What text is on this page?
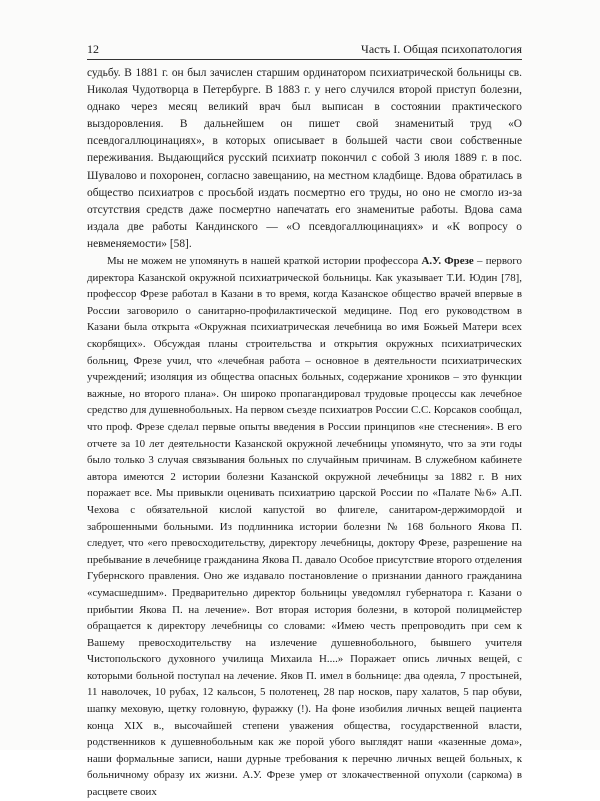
12	Часть I. Общая психопатология

судьбу. В 1881 г. он был зачислен старшим ординатором психиатрической больницы св. Николая Чудотворца в Петербурге. В 1883 г. у него случился второй приступ болезни, однако через месяц великий врач был выписан в состоянии практического выздоровления. В дальнейшем он пишет свой знаменитый труд «О псевдогаллюцинациях», в которых описывает в большей части свои собственные переживания. Выдающийся русский психиатр покончил с собой 3 июля 1889 г. в пос. Шувалово и похоронен, согласно завещанию, на местном кладбище. Вдова обратилась в общество психиатров с просьбой издать посмертно его труды, но оно не смогло из-за отсутствия средств даже посмертно напечатать его знаменитые работы. Вдова сама издала две работы Кандинского — «О псевдогаллюцинациях» и «К вопросу о невменяемости» [58].

Мы не можем не упомянуть в нашей краткой истории профессора А.У. Фрезе – первого директора Казанской окружной психиатрической больницы. Как указывает Т.И. Юдин [78], профессор Фрезе работал в Казани в то время, когда Казанское общество врачей впервые в России заговорило о санитарно-профилактической медицине. Под его руководством в Казани была открыта «Окружная психиатрическая лечебница во имя Божьей Матери всех скорбящих». Обсуждая планы строительства и открытия окружных психиатрических больниц, Фрезе учил, что «лечебная работа – основное в деятельности психиатрических учреждений; изоляция из общества опасных больных, содержание хроников – это функции важные, но второго плана». Он широко пропагандировал трудовые процессы как лечебное средство для душевнобольных. На первом съезде психиатров России С.С. Корсаков сообщал, что проф. Фрезе сделал первые опыты введения в России принципов «не стеснения». В его отчете за 10 лет деятельности Казанской окружной лечебницы упомянуто, что за эти годы было только 3 случая связывания больных по случайным причинам. В служебном кабинете автора имеются 2 истории болезни Казанской окружной лечебницы за 1882 г. В них поражает все. Мы привыкли оценивать психиатрию царской России по «Палате №6» А.П. Чехова с обязательной кислой капустой во флигеле, санитаром-держимордой и заброшенными больными. Из подлинника истории болезни № 168 больного Якова П. следует, что «его превосходительству, директору лечебницы, доктору Фрезе, разрешение на пребывание в лечебнице гражданина Якова П. давало Особое присутствие второго отделения Губернского правления. Оно же издавало постановление о признании данного гражданина «сумасшедшим». Предварительно директор больницы уведомлял губернатора г. Казани о прибытии Якова П. на лечение». Вот вторая история болезни, в которой полицмейстер обращается к директору лечебницы со словами: «Имею честь препроводить при сем к Вашему превосходительству на излечение душевнобольного, бывшего учителя Чистопольского духовного училища Михаила Н....» Поражает опись личных вещей, с которыми больной поступал на лечение. Яков П. имел в больнице: два одеяла, 7 простыней, 11 наволочек, 10 рубах, 12 кальсон, 5 полотенец, 28 пар носков, пару халатов, 5 пар обуви, шапку меховую, щетку головную, фуражку (!). На фоне изобилия личных вещей пациента конца XIX в., высочайшей степени уважения общества, государственной власти, родственников к душевнобольным как же порой убого выглядят наши «казенные дома», наши формальные записи, наши дурные требования к перечню личных вещей больных, к больничному образу их жизни. А.У. Фрезе умер от злокачественной опухоли (саркома) в расцвете своих
